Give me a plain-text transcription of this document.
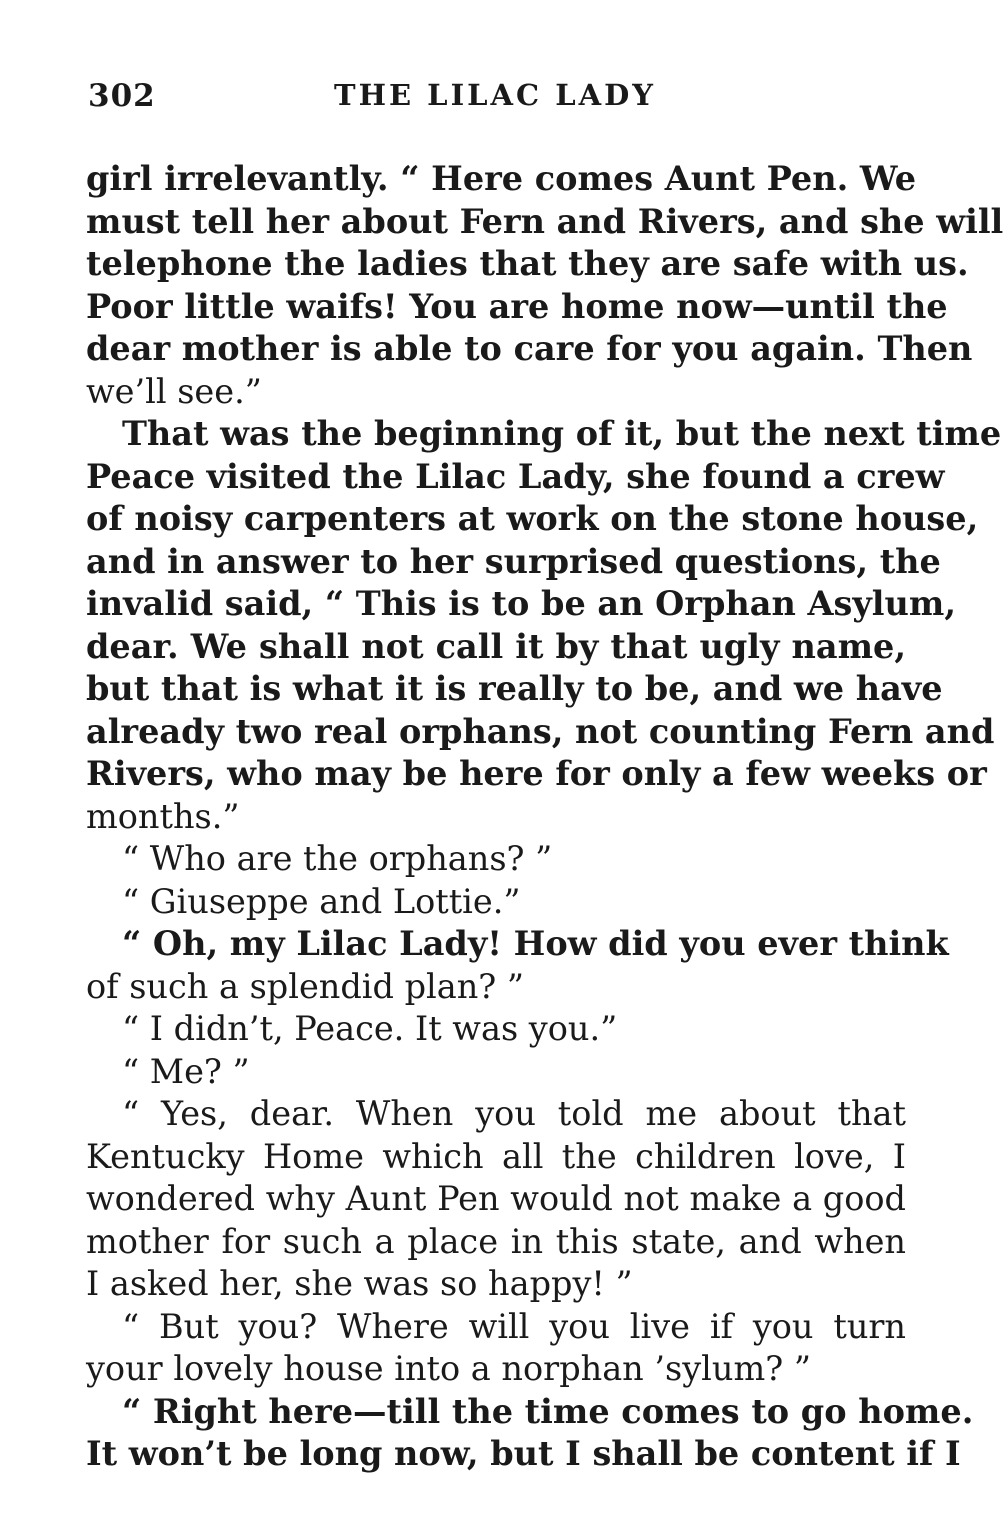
302	THE LILAC LADY
girl irrelevantly. “ Here comes Aunt Pen. We
must tell her about Fern and Rivers, and she will
telephone the ladies that they are safe with us.
Poor little waifs! You are home now—until the
dear mother is able to care for you again. Then
we’ll see.”
That was the beginning of it, but the next time
Peace visited the Lilac Lady, she found a crew
of noisy carpenters at work on the stone house,
and in answer to her surprised questions, the
invalid said, “ This is to be an Orphan Asylum,
dear. We shall not call it by that ugly name,
but that is what it is really to be, and we have
already two real orphans, not counting Fern and
Rivers, who may be here for only a few weeks or
months.”
“ Who are the orphans? ”
“ Giuseppe and Lottie.”
“ Oh, my Lilac Lady! How did you ever think
of such a splendid plan? ”
“ I didn’t, Peace. It was you.”
“ Me? ”
“ Yes, dear. When you told me about that
Kentucky Home which all the children love, I
wondered why Aunt Pen would not make a good
mother for such a place in this state, and when
I asked her, she was so happy! ”
“ But you? Where will you live if you turn
your lovely house into a norphan ’sylum? ”
“ Right here—till the time comes to go home.
It won’t be long now, but I shall be content if I
